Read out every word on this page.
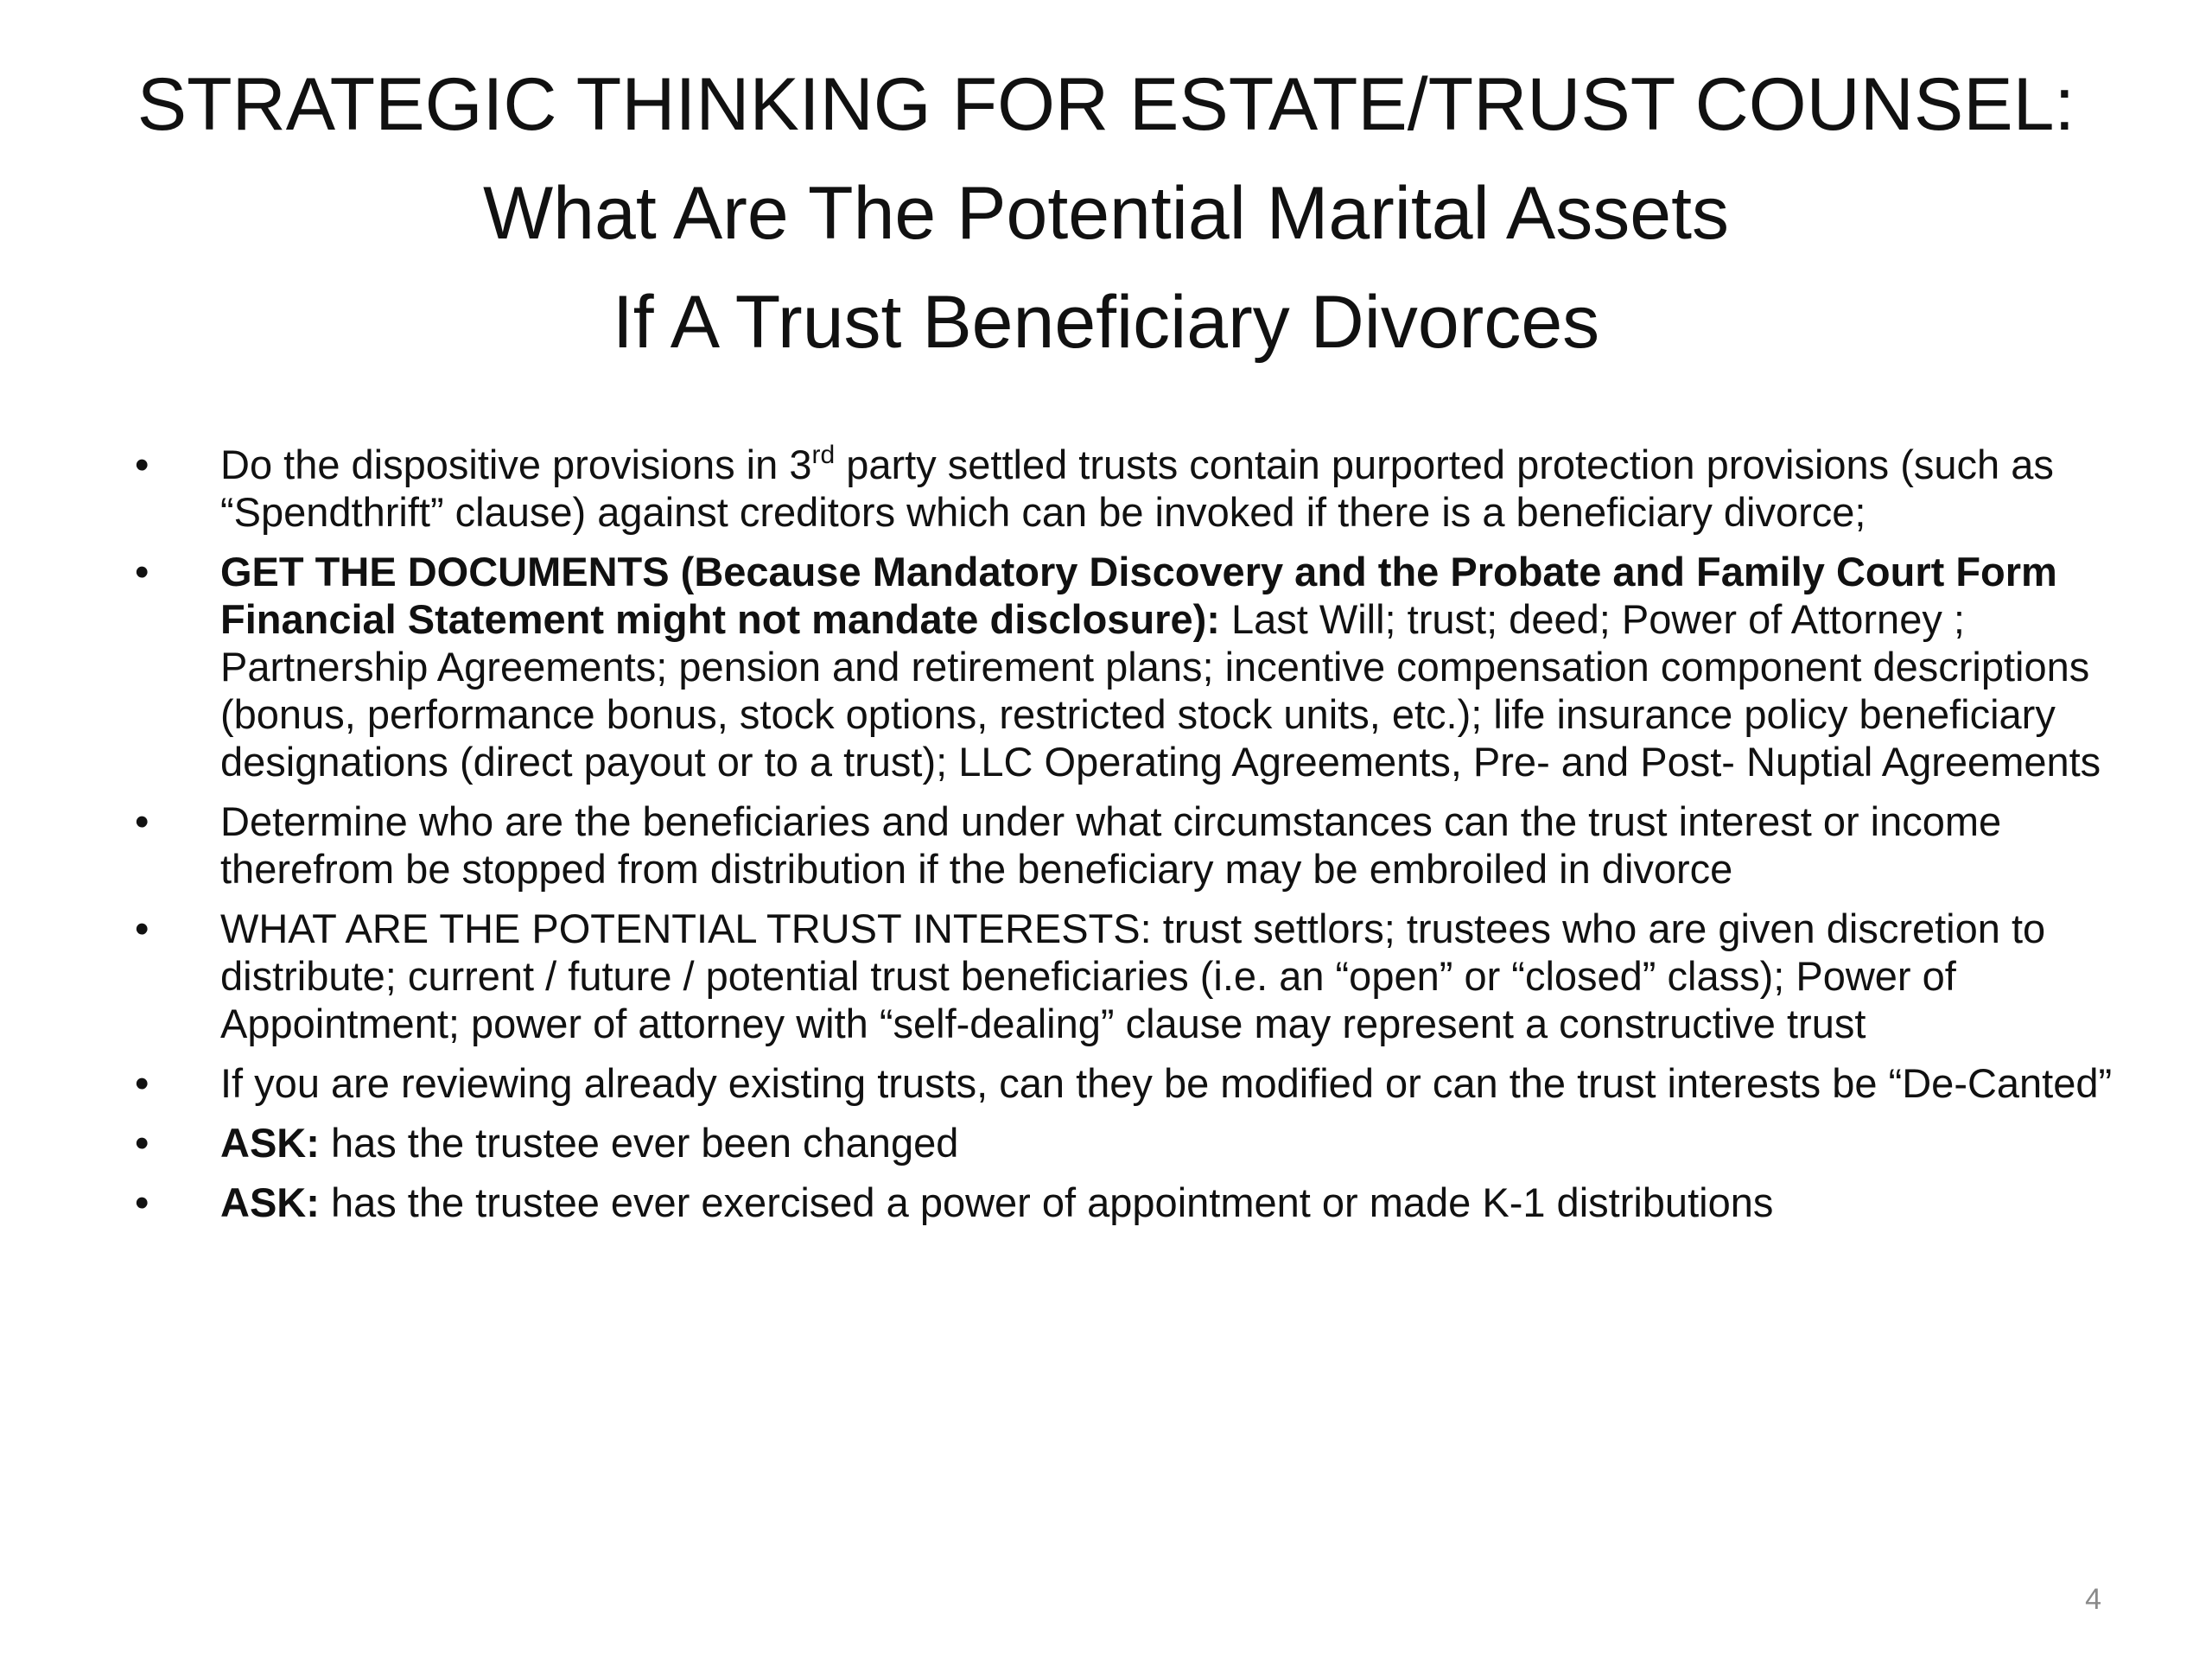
STRATEGIC THINKING FOR ESTATE/TRUST COUNSEL:
What Are The Potential Marital Assets
If A Trust Beneficiary Divorces
• Do the dispositive provisions in 3rd party settled trusts contain purported protection provisions (such as “Spendthrift” clause) against creditors which can be invoked if there is a beneficiary divorce;
• GET THE DOCUMENTS (Because Mandatory Discovery and the Probate and Family Court Form Financial Statement might not mandate disclosure): Last Will; trust; deed; Power of Attorney ; Partnership Agreements; pension and retirement plans; incentive compensation component descriptions (bonus, performance bonus, stock options, restricted stock units, etc.); life insurance policy beneficiary designations (direct payout or to a trust); LLC Operating Agreements, Pre- and Post- Nuptial Agreements
• Determine who are the beneficiaries and under what circumstances can the trust interest or income therefrom be stopped from distribution if the beneficiary may be embroiled in divorce
• WHAT ARE THE POTENTIAL TRUST INTERESTS: trust settlors; trustees who are given discretion to distribute; current / future / potential trust beneficiaries (i.e. an “open” or “closed” class); Power of Appointment; power of attorney with “self-dealing” clause may represent a constructive trust
• If you are reviewing already existing trusts, can they be modified or can the trust interests be “De-Canted”
• ASK: has the trustee ever been changed
• ASK: has the trustee ever exercised a power of appointment or made K-1 distributions
4
